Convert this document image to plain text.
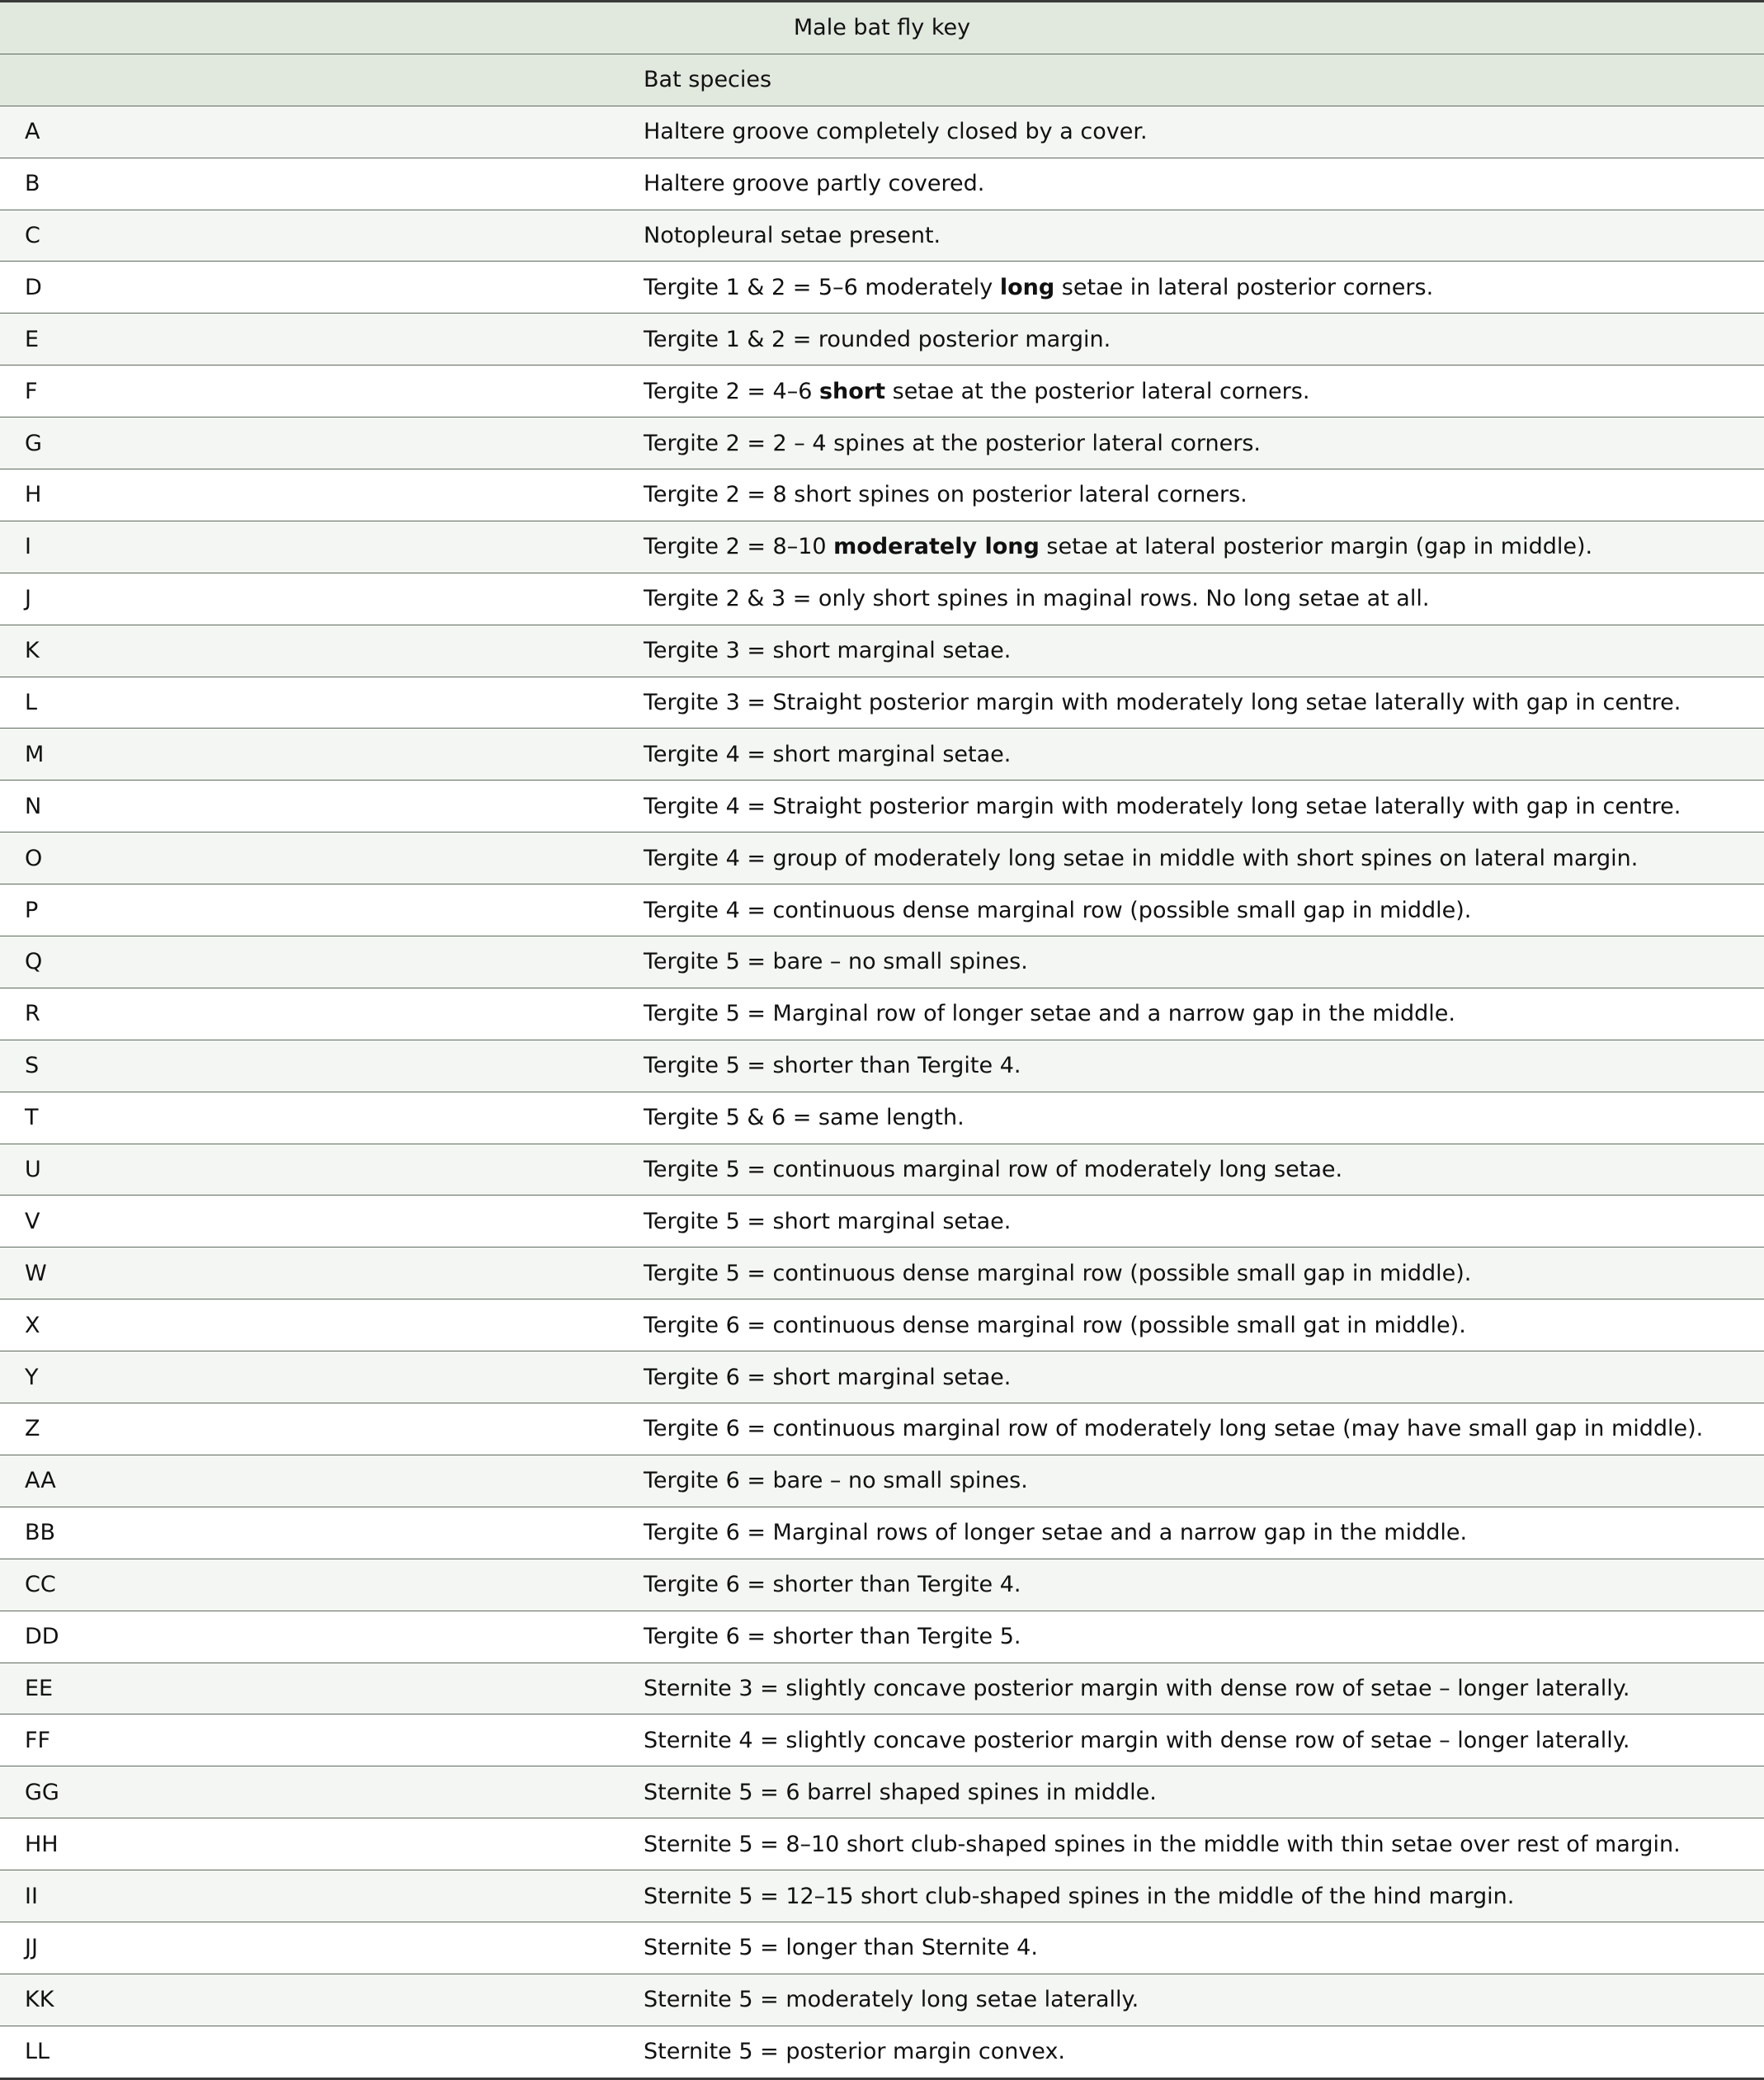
Male bat fly key	
	Bat species
A	Haltere groove completely closed by a cover.
B	Haltere groove partly covered.
C	Notopleural setae present.
D	Tergite 1 & 2 = 5–6 moderately long setae in lateral posterior corners.
E	Tergite 1 & 2 = rounded posterior margin.
F	Tergite 2 = 4–6 short setae at the posterior lateral corners.
G	Tergite 2 = 2 – 4 spines at the posterior lateral corners.
H	Tergite 2 = 8 short spines on posterior lateral corners.
I	Tergite 2 = 8–10 moderately long setae at lateral posterior margin (gap in middle).
J	Tergite 2 & 3 = only short spines in maginal rows. No long setae at all.
K	Tergite 3 = short marginal setae.
L	Tergite 3 = Straight posterior margin with moderately long setae laterally with gap in centre.
M	Tergite 4 = short marginal setae.
N	Tergite 4 = Straight posterior margin with moderately long setae laterally with gap in centre.
O	Tergite 4 = group of moderately long setae in middle with short spines on lateral margin.
P	Tergite 4 = continuous dense marginal row (possible small gap in middle).
Q	Tergite 5 = bare – no small spines.
R	Tergite 5 = Marginal row of longer setae and a narrow gap in the middle.
S	Tergite 5 = shorter than Tergite 4.
T	Tergite 5 & 6 = same length.
U	Tergite 5 = continuous marginal row of moderately long setae.
V	Tergite 5 = short marginal setae.
W	Tergite 5 = continuous dense marginal row (possible small gap in middle).
X	Tergite 6 = continuous dense marginal row (possible small gat in middle).
Y	Tergite 6 = short marginal setae.
Z	Tergite 6 = continuous marginal row of moderately long setae (may have small gap in middle).
AA	Tergite 6 = bare – no small spines.
BB	Tergite 6 = Marginal rows of longer setae and a narrow gap in the middle.
CC	Tergite 6 = shorter than Tergite 4.
DD	Tergite 6 = shorter than Tergite 5.
EE	Sternite 3 = slightly concave posterior margin with dense row of setae – longer laterally.
FF	Sternite 4 = slightly concave posterior margin with dense row of setae – longer laterally.
GG	Sternite 5 = 6 barrel shaped spines in middle.
HH	Sternite 5 = 8–10 short club-shaped spines in the middle with thin setae over rest of margin.
II	Sternite 5 = 12–15 short club-shaped spines in the middle of the hind margin.
JJ	Sternite 5 = longer than Sternite 4.
KK	Sternite 5 = moderately long setae laterally.
LL	Sternite 5 = posterior margin convex.
